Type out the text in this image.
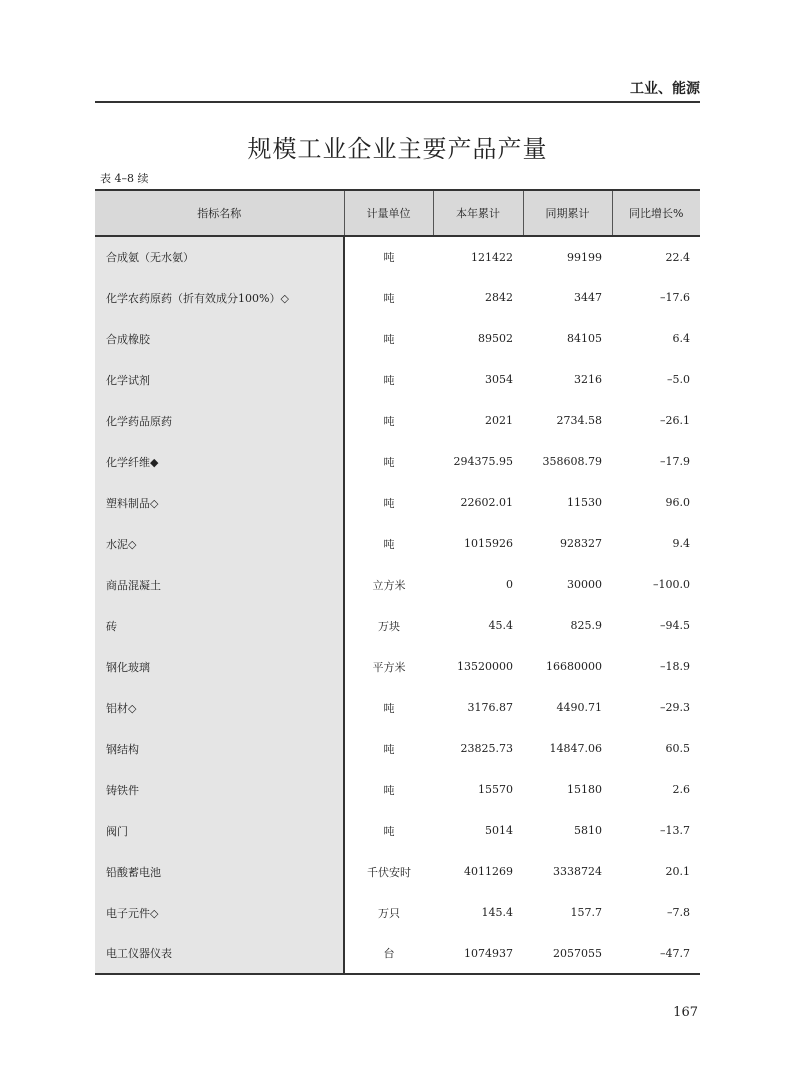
工业、能源
规模工业企业主要产品产量
表 4–8 续
指标名称	计量单位	本年累计	同期累计	同比增长%
合成氨（无水氨）	吨	121422	99199	22.4
化学农药原药（折有效成分100%）◇	吨	2842	3447	–17.6
合成橡胶	吨	89502	84105	6.4
化学试剂	吨	3054	3216	–5.0
化学药品原药	吨	2021	2734.58	–26.1
化学纤维◆	吨	294375.95	358608.79	–17.9
塑料制品◇	吨	22602.01	11530	96.0
水泥◇	吨	1015926	928327	9.4
商品混凝土	立方米	0	30000	–100.0
砖	万块	45.4	825.9	–94.5
钢化玻璃	平方米	13520000	16680000	–18.9
铝材◇	吨	3176.87	4490.71	–29.3
钢结构	吨	23825.73	14847.06	60.5
铸铁件	吨	15570	15180	2.6
阀门	吨	5014	5810	–13.7
铅酸蓄电池	千伏安时	4011269	3338724	20.1
电子元件◇	万只	145.4	157.7	–7.8
电工仪器仪表	台	1074937	2057055	–47.7
167
